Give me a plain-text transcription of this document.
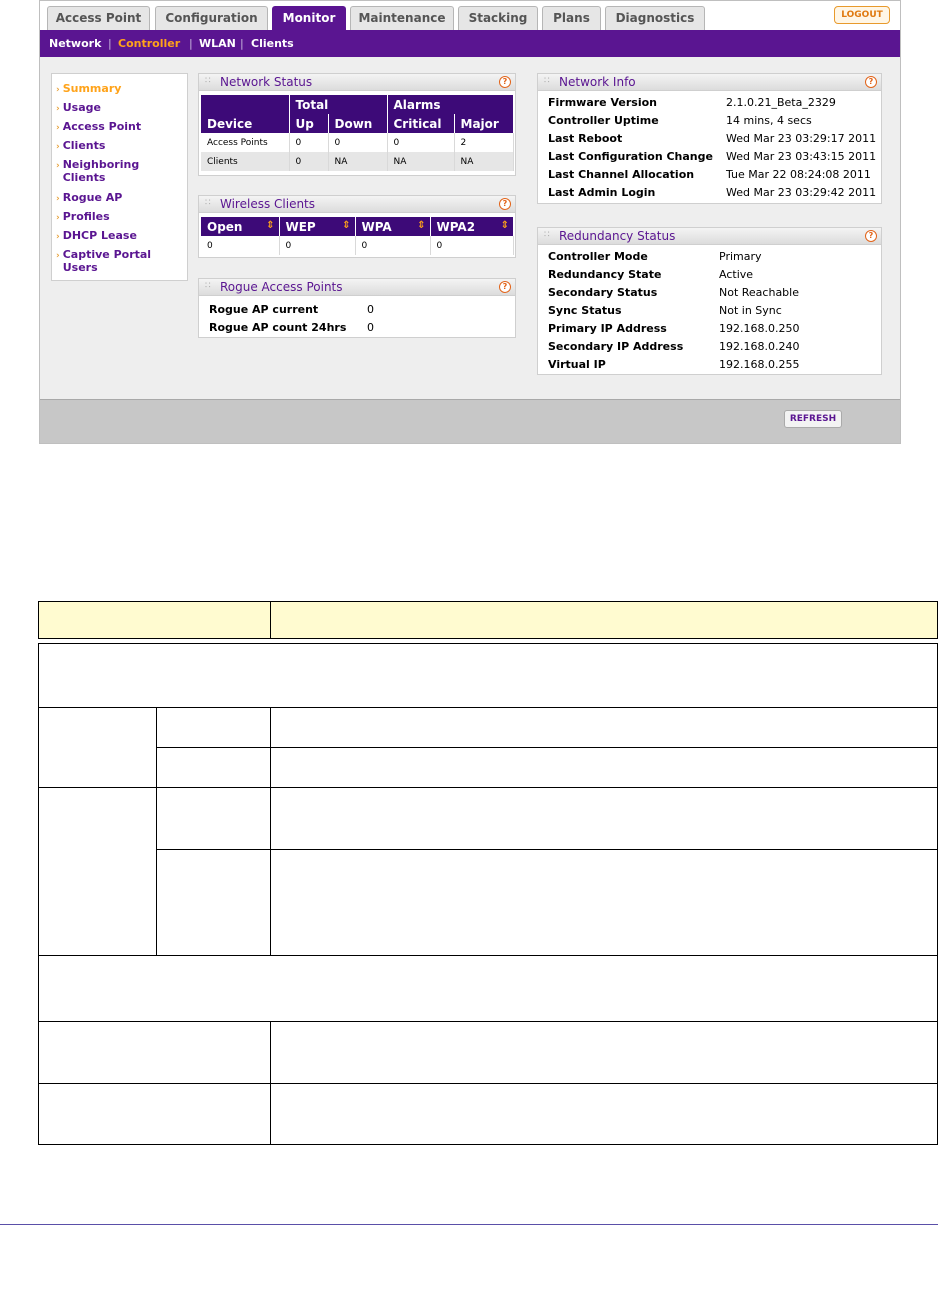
Access Point	Configuration	Monitor	Maintenance	Stacking	Plans	Diagnostics	LOGOUT
Network | Controller | WLAN | Clients
› Summary
› Usage
› Access Point
› Clients
› Neighboring Clients
› Rogue AP
› Profiles
› DHCP Lease
› Captive Portal Users
∷ Network Status	?
	Total		Alarms	
Device	Up	Down	Critical	Major
Access Points	0	0	0	2
Clients	0	NA	NA	NA
∷ Wireless Clients	?
Open ⇕	WEP ⇕	WPA ⇕	WPA2 ⇕

0	0	0	0
∷ Rogue Access Points	?
Rogue AP current	0
Rogue AP count 24hrs 0
∷ Network Info	?
Firmware Version	2.1.0.21_Beta_2329
Controller Uptime	14 mins, 4 secs
Last Reboot	Wed Mar 23 03:29:17 2011
Last Configuration Change Wed Mar 23 03:43:15 2011
Last Channel Allocation	Tue Mar 22 08:24:08 2011
Last Admin Login	Wed Mar 23 03:29:42 2011
∷ Redundancy Status	?
Controller Mode	Primary
Redundancy State	Active
Secondary Status	Not Reachable
Sync Status	Not in Sync
Primary IP Address	192.168.0.250
Secondary IP Address	192.168.0.240
Virtual IP	192.168.0.255
REFRESH
